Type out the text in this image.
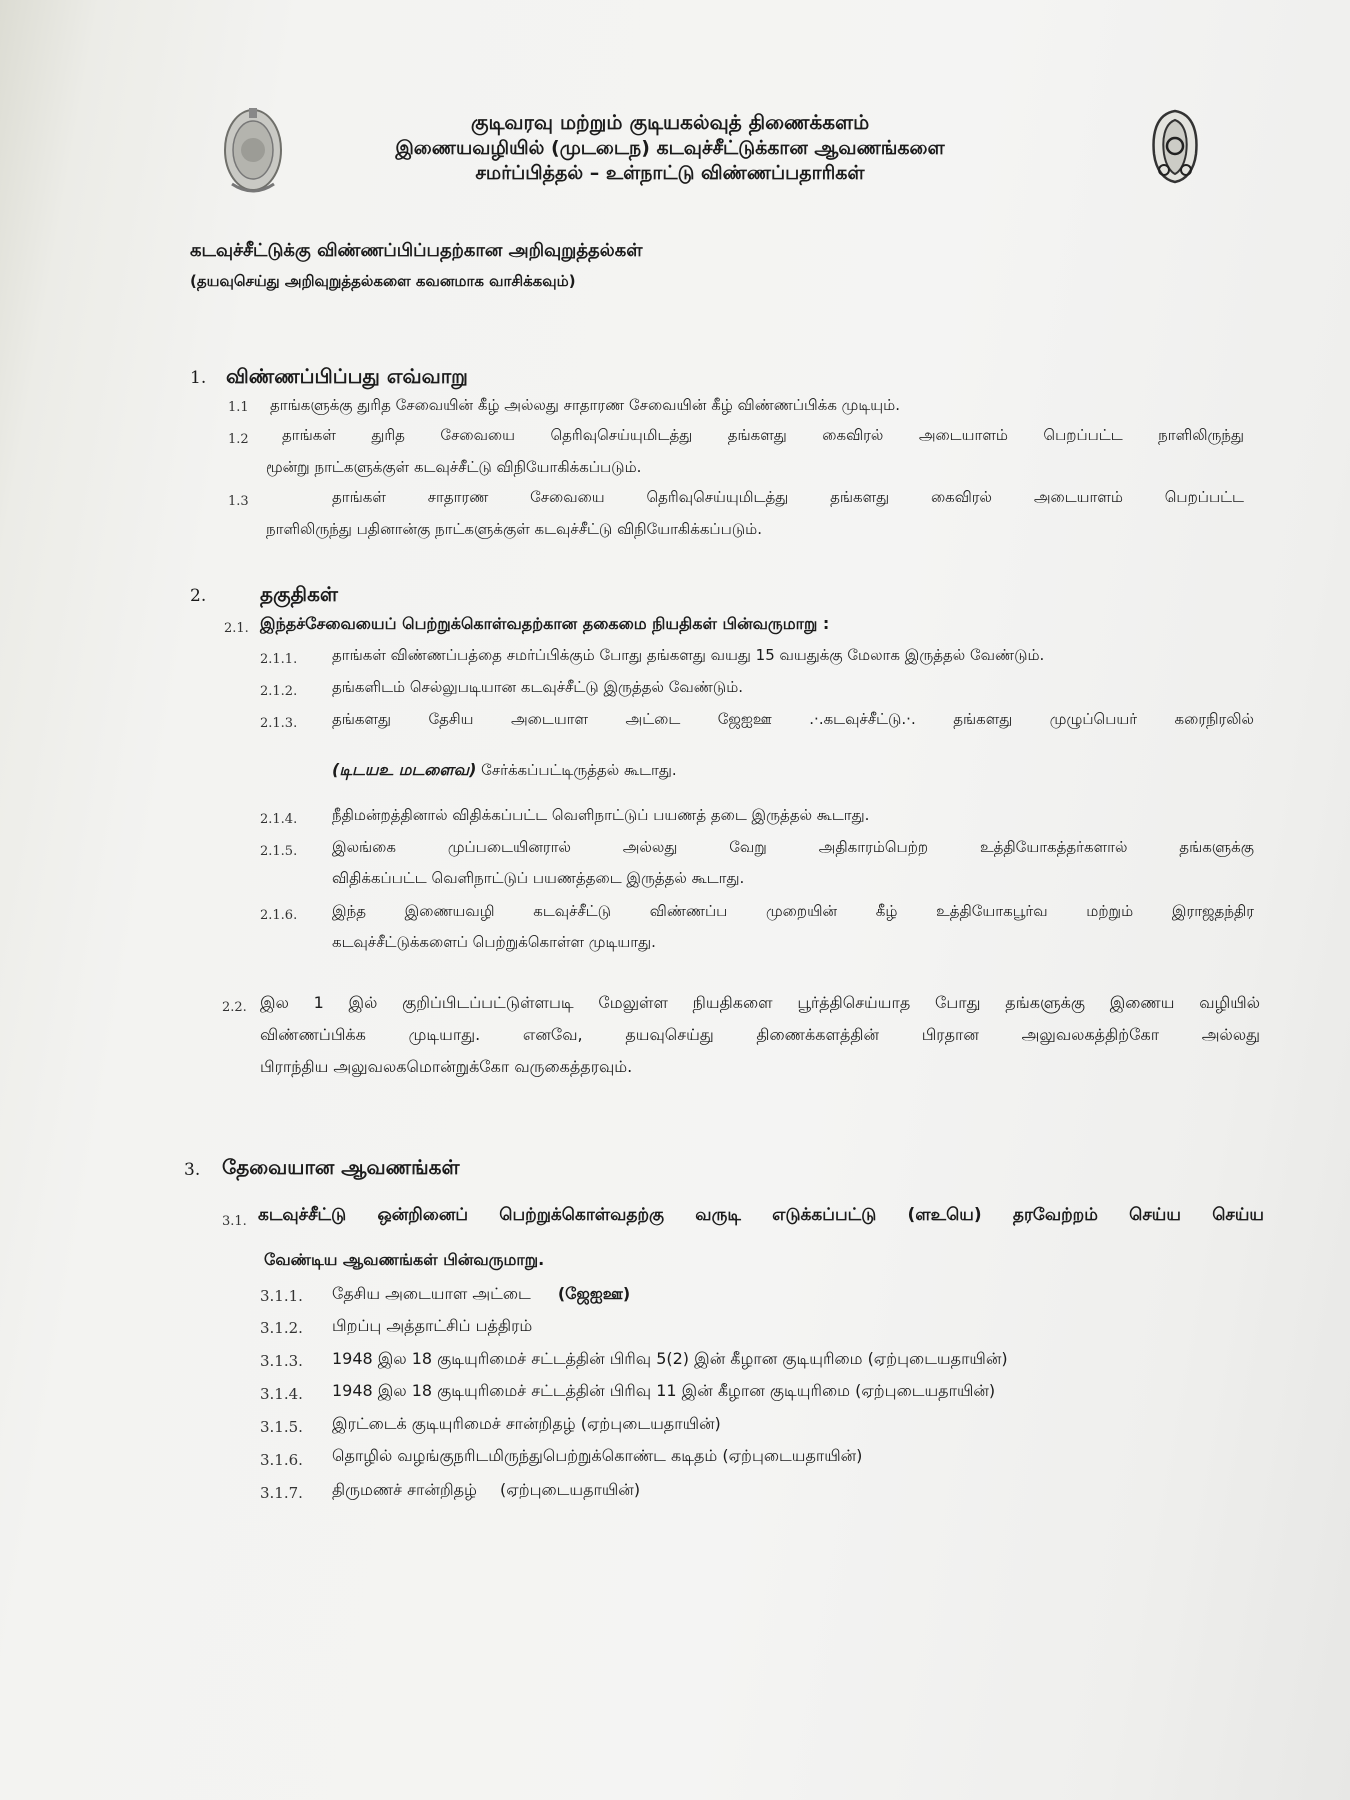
குடிவரவு மற்றும் குடியகல்வுத் திணைக்களம்
இணையவழியில் (முடடைந) கடவுச்சீட்டுக்கான ஆவணங்களை
சமர்ப்பித்தல் – உள்நாட்டு விண்ணப்பதாரிகள்
கடவுச்சீட்டுக்கு விண்ணப்பிப்பதற்கான அறிவுறுத்தல்கள்
(தயவுசெய்து அறிவுறுத்தல்களை கவனமாக வாசிக்கவும்)
1. விண்ணப்பிப்பது எவ்வாறு
1.1 தாங்களுக்கு துரித சேவையின் கீழ் அல்லது சாதாரண சேவையின் கீழ் விண்ணப்பிக்க முடியும்.
1.2 தாங்கள் துரித சேவையை தெரிவுசெய்யுமிடத்து தங்களது கைவிரல் அடையாளம் பெறப்பட்ட நாளிலிருந்து
மூன்று நாட்களுக்குள் கடவுச்சீட்டு விநியோகிக்கப்படும்.
1.3	தாங்கள் சாதாரண சேவையை தெரிவுசெய்யுமிடத்து தங்களது கைவிரல் அடையாளம் பெறப்பட்ட
நாளிலிருந்து பதினான்கு நாட்களுக்குள் கடவுச்சீட்டு விநியோகிக்கப்படும்.
2.	தகுதிகள்
2.1. இந்தச்சேவையைப் பெற்றுக்கொள்வதற்கான தகைமை நியதிகள் பின்வருமாறு :
2.1.1. தாங்கள் விண்ணப்பத்தை சமர்ப்பிக்கும் போது தங்களது வயது 15 வயதுக்கு மேலாக இருத்தல் வேண்டும்.
2.1.2. தங்களிடம் செல்லுபடியான கடவுச்சீட்டு இருத்தல் வேண்டும்.
2.1.3. தங்களது தேசிய அடையாள அட்டை ஜேஐஊ .·.கடவுச்சீட்டு.·. தங்களது முழுப்பெயர் கரைநிரலில்
(டிடயஉ மடளைவ) சேர்க்கப்பட்டிருத்தல் கூடாது.
2.1.4. நீதிமன்றத்தினால் விதிக்கப்பட்ட வெளிநாட்டுப் பயணத் தடை இருத்தல் கூடாது.
2.1.5. இலங்கை முப்படையினரால் அல்லது வேறு அதிகாரம்பெற்ற உத்தியோகத்தர்களால் தங்களுக்கு
விதிக்கப்பட்ட வெளிநாட்டுப் பயணத்தடை இருத்தல் கூடாது.
2.1.6. இந்த இணையவழி கடவுச்சீட்டு விண்ணப்ப முறையின் கீழ் உத்தியோகபூர்வ மற்றும் இராஜதந்திர
கடவுச்சீட்டுக்களைப் பெற்றுக்கொள்ள முடியாது.
2.2. இல 1 இல் குறிப்பிடப்பட்டுள்ளபடி மேலுள்ள நியதிகளை பூர்த்திசெய்யாத போது தங்களுக்கு இணைய வழியில்
விண்ணப்பிக்க முடியாது. எனவே, தயவுசெய்து திணைக்களத்தின் பிரதான அலுவலகத்திற்கோ அல்லது
பிராந்திய அலுவலகமொன்றுக்கோ வருகைத்தரவும்.
3. தேவையான ஆவணங்கள்
3.1. கடவுச்சீட்டு ஒன்றினைப் பெற்றுக்கொள்வதற்கு வருடி எடுக்கப்பட்டு (ளஉயெ) தரவேற்றம் செய்ய செய்ய
வேண்டிய ஆவணங்கள் பின்வருமாறு.
3.1.1. தேசிய அடையாள அட்டை (ஜேஐஊ)
3.1.2. பிறப்பு அத்தாட்சிப் பத்திரம்
3.1.3. 1948 இல 18 குடியுரிமைச் சட்டத்தின் பிரிவு 5(2) இன் கீழான குடியுரிமை (ஏற்புடையதாயின்)
3.1.4. 1948 இல 18 குடியுரிமைச் சட்டத்தின் பிரிவு 11 இன் கீழான குடியுரிமை (ஏற்புடையதாயின்)
3.1.5. இரட்டைக் குடியுரிமைச் சான்றிதழ் (ஏற்புடையதாயின்)
3.1.6. தொழில் வழங்குநரிடமிருந்துபெற்றுக்கொண்ட கடிதம் (ஏற்புடையதாயின்)
3.1.7. திருமணச் சான்றிதழ் (ஏற்புடையதாயின்)
